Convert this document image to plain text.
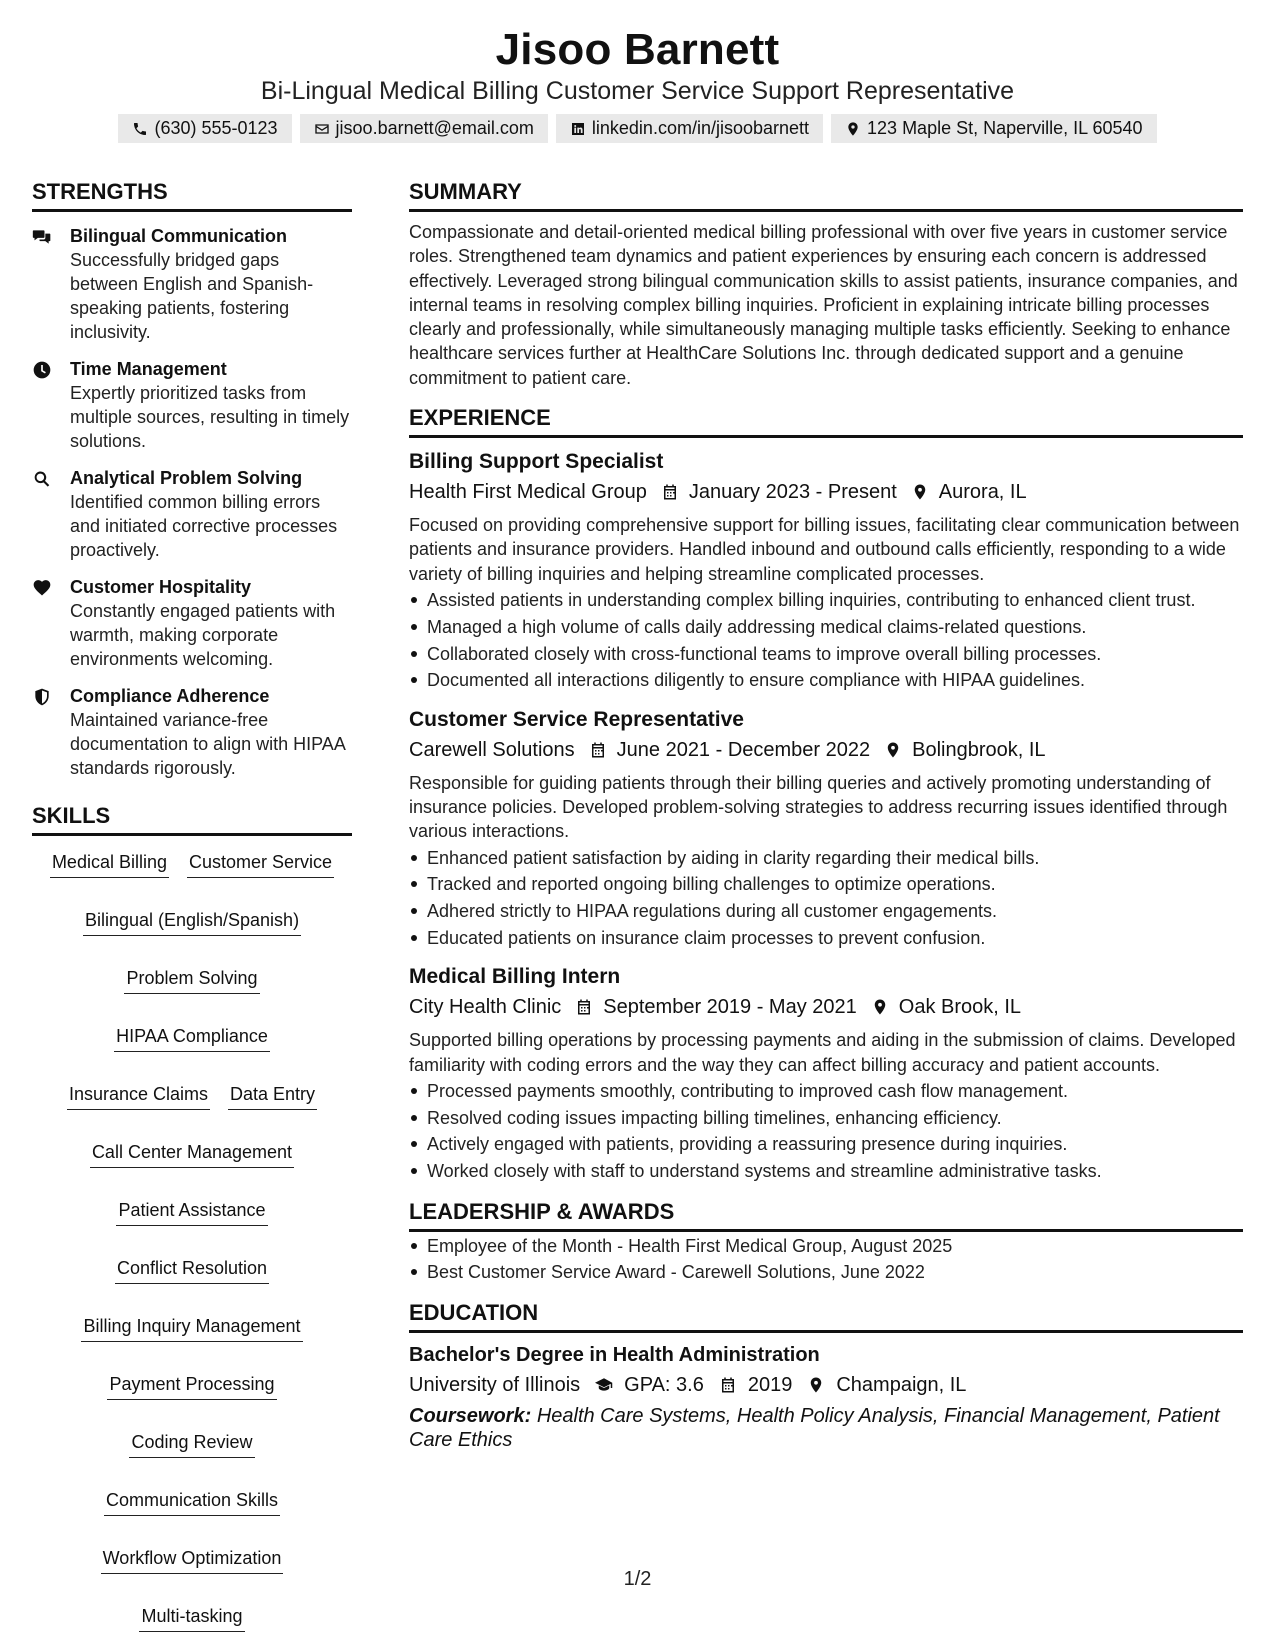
Jisoo Barnett
Bi-Lingual Medical Billing Customer Service Support Representative
(630) 555-0123	jisoo.barnett@email.com	linkedin.com/in/jisoobarnett	123 Maple St, Naperville, IL 60540
STRENGTHS
Bilingual Communication
Successfully bridged gaps between English and Spanish-speaking patients, fostering inclusivity.
Time Management
Expertly prioritized tasks from multiple sources, resulting in timely solutions.
Analytical Problem Solving
Identified common billing errors and initiated corrective processes proactively.
Customer Hospitality
Constantly engaged patients with warmth, making corporate environments welcoming.
Compliance Adherence
Maintained variance-free documentation to align with HIPAA standards rigorously.
SKILLS
Medical Billing Customer Service
Bilingual (English/Spanish)
Problem Solving
HIPAA Compliance
Insurance Claims Data Entry
Call Center Management
Patient Assistance
Conflict Resolution
Billing Inquiry Management
Payment Processing
Coding Review
Communication Skills
Workflow Optimization
Multi-tasking
SUMMARY
Compassionate and detail-oriented medical billing professional with over five years in customer service roles. Strengthened team dynamics and patient experiences by ensuring each concern is addressed effectively. Leveraged strong bilingual communication skills to assist patients, insurance companies, and internal teams in resolving complex billing inquiries. Proficient in explaining intricate billing processes clearly and professionally, while simultaneously managing multiple tasks efficiently. Seeking to enhance healthcare services further at HealthCare Solutions Inc. through dedicated support and a genuine commitment to patient care.
EXPERIENCE
Billing Support Specialist
Health First Medical Group January 2023 - Present Aurora, IL
Focused on providing comprehensive support for billing issues, facilitating clear communication between patients and insurance providers. Handled inbound and outbound calls efficiently, responding to a wide variety of billing inquiries and helping streamline complicated processes.
Assisted patients in understanding complex billing inquiries, contributing to enhanced client trust.
Managed a high volume of calls daily addressing medical claims-related questions.
Collaborated closely with cross-functional teams to improve overall billing processes.
Documented all interactions diligently to ensure compliance with HIPAA guidelines.
Customer Service Representative
Carewell Solutions June 2021 - December 2022 Bolingbrook, IL
Responsible for guiding patients through their billing queries and actively promoting understanding of insurance policies. Developed problem-solving strategies to address recurring issues identified through various interactions.
Enhanced patient satisfaction by aiding in clarity regarding their medical bills.
Tracked and reported ongoing billing challenges to optimize operations.
Adhered strictly to HIPAA regulations during all customer engagements.
Educated patients on insurance claim processes to prevent confusion.
Medical Billing Intern
City Health Clinic September 2019 - May 2021 Oak Brook, IL
Supported billing operations by processing payments and aiding in the submission of claims. Developed familiarity with coding errors and the way they can affect billing accuracy and patient accounts.
Processed payments smoothly, contributing to improved cash flow management.
Resolved coding issues impacting billing timelines, enhancing efficiency.
Actively engaged with patients, providing a reassuring presence during inquiries.
Worked closely with staff to understand systems and streamline administrative tasks.
LEADERSHIP & AWARDS
Employee of the Month - Health First Medical Group, August 2025
Best Customer Service Award - Carewell Solutions, June 2022
EDUCATION
Bachelor's Degree in Health Administration
University of Illinois GPA: 3.6 2019 Champaign, IL
Coursework: Health Care Systems, Health Policy Analysis, Financial Management, Patient Care Ethics
1/2
